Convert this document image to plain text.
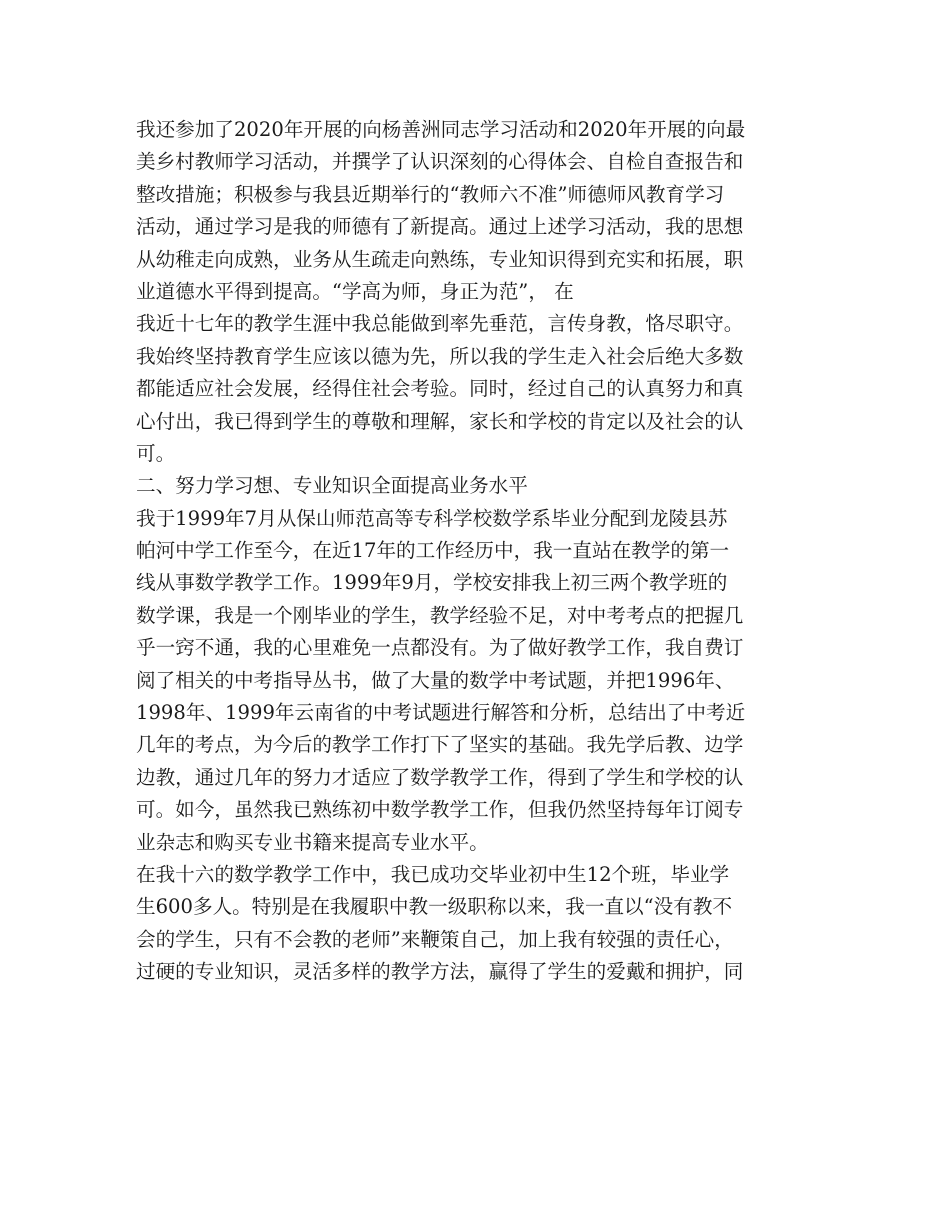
我还参加了2020年开展的向杨善洲同志学习活动和2020年开展的向最
美乡村教师学习活动，并撰学了认识深刻的心得体会、自检自查报告和
整改措施；积极参与我县近期举行的“教师六不准”师德师风教育学习
活动，通过学习是我的师德有了新提高。通过上述学习活动，我的思想
从幼稚走向成熟，业务从生疏走向熟练，专业知识得到充实和拓展，职
业道德水平得到提高。“学高为师，身正为范”， 在
我近十七年的教学生涯中我总能做到率先垂范，言传身教，恪尽职守。
我始终坚持教育学生应该以德为先，所以我的学生走入社会后绝大多数
都能适应社会发展，经得住社会考验。同时，经过自己的认真努力和真
心付出，我已得到学生的尊敬和理解，家长和学校的肯定以及社会的认
可。
二、努力学习想、专业知识全面提高业务水平
我于1999年7月从保山师范高等专科学校数学系毕业分配到龙陵县苏
帕河中学工作至今，在近17年的工作经历中，我一直站在教学的第一
线从事数学教学工作。1999年9月，学校安排我上初三两个教学班的
数学课，我是一个刚毕业的学生，教学经验不足，对中考考点的把握几
乎一窍不通，我的心里难免一点都没有。为了做好教学工作，我自费订
阅了相关的中考指导丛书，做了大量的数学中考试题，并把1996年、
1998年、1999年云南省的中考试题进行解答和分析，总结出了中考近
几年的考点，为今后的教学工作打下了坚实的基础。我先学后教、边学
边教，通过几年的努力才适应了数学教学工作，得到了学生和学校的认
可。如今，虽然我已熟练初中数学教学工作，但我仍然坚持每年订阅专
业杂志和购买专业书籍来提高专业水平。
在我十六的数学教学工作中，我已成功交毕业初中生12个班，毕业学
生600多人。特别是在我履职中教一级职称以来，我一直以“没有教不
会的学生，只有不会教的老师”来鞭策自己，加上我有较强的责任心，
过硬的专业知识，灵活多样的教学方法，赢得了学生的爱戴和拥护，同
